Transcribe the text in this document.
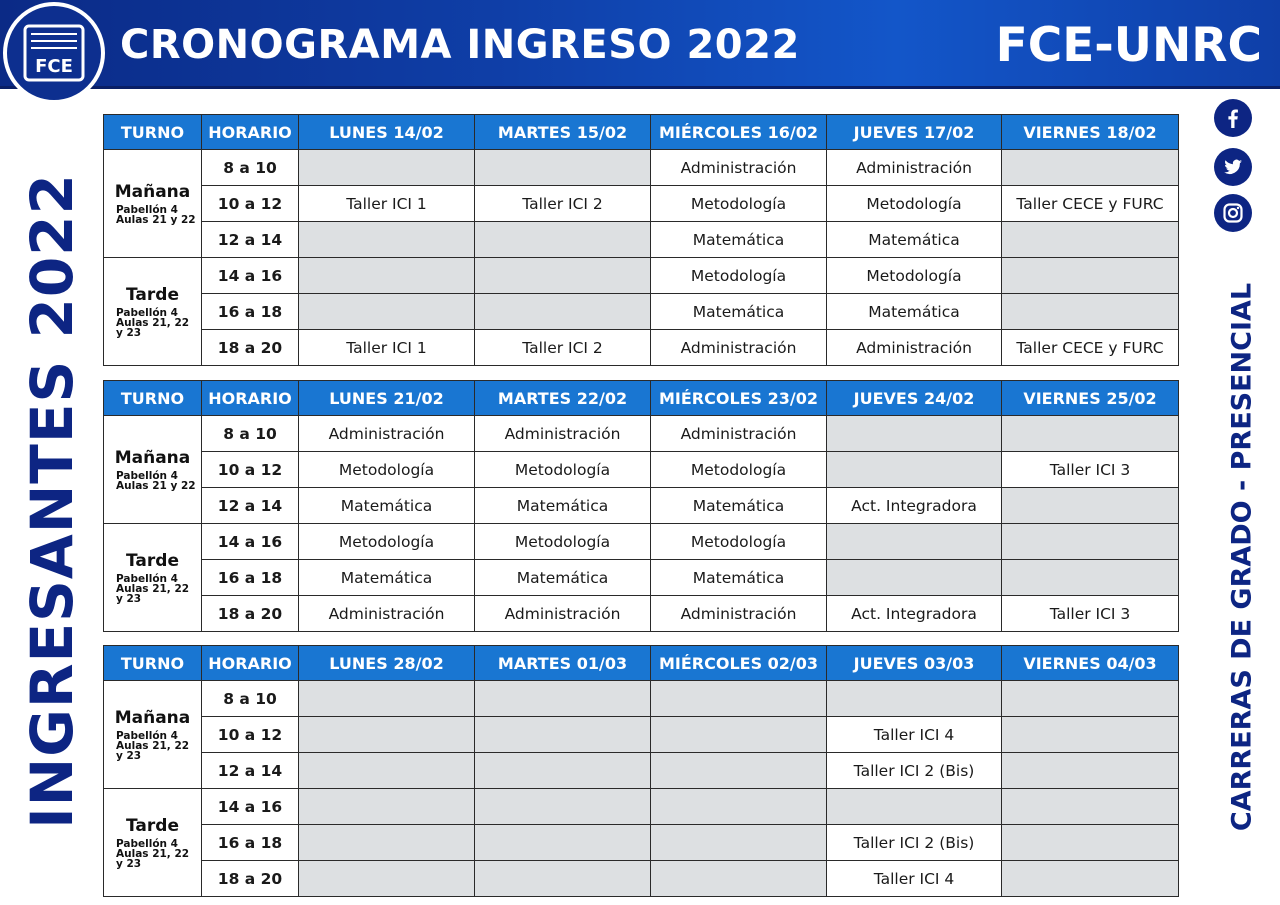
CRONOGRAMA INGRESO 2022	FCE-UNRC
FCE
INGRESANTES 2022	CARRERAS DE GRADO - PRESENCIAL
TURNO	HORARIO	LUNES 14/02	MARTES 15/02	MIÉRCOLES 16/02	JUEVES 17/02	VIERNES 18/02

Mañana
Pabellón 4
Aulas 21 y 22	8 a 10			Administración	Administración	
	10 a 12	Taller ICI 1	Taller ICI 2	Metodología	Metodología	Taller CECE y FURC
	12 a 14			Matemática	Matemática	

Tarde
Pabellón 4
Aulas 21, 22
y 23	14 a 16			Metodología	Metodología	
	16 a 18			Matemática	Matemática	
	18 a 20	Taller ICI 1	Taller ICI 2	Administración	Administración	Taller CECE y FURC
TURNO	HORARIO	LUNES 21/02	MARTES 22/02	MIÉRCOLES 23/02	JUEVES 24/02	VIERNES 25/02

Mañana
Pabellón 4
Aulas 21 y 22	8 a 10	Administración	Administración	Administración		
	10 a 12	Metodología	Metodología	Metodología		Taller ICI 3
	12 a 14	Matemática	Matemática	Matemática	Act. Integradora	

Tarde
Pabellón 4
Aulas 21, 22
y 23	14 a 16	Metodología	Metodología	Metodología		
	16 a 18	Matemática	Matemática	Matemática		
	18 a 20	Administración	Administración	Administración	Act. Integradora	Taller ICI 3
TURNO	HORARIO	LUNES 28/02	MARTES 01/03	MIÉRCOLES 02/03	JUEVES 03/03	VIERNES 04/03

Mañana
Pabellón 4
Aulas 21, 22
y 23	8 a 10					
	10 a 12				Taller ICI 4	
	12 a 14				Taller ICI 2 (Bis)	

Tarde
Pabellón 4
Aulas 21, 22
y 23	14 a 16					
	16 a 18				Taller ICI 2 (Bis)	
	18 a 20				Taller ICI 4	
